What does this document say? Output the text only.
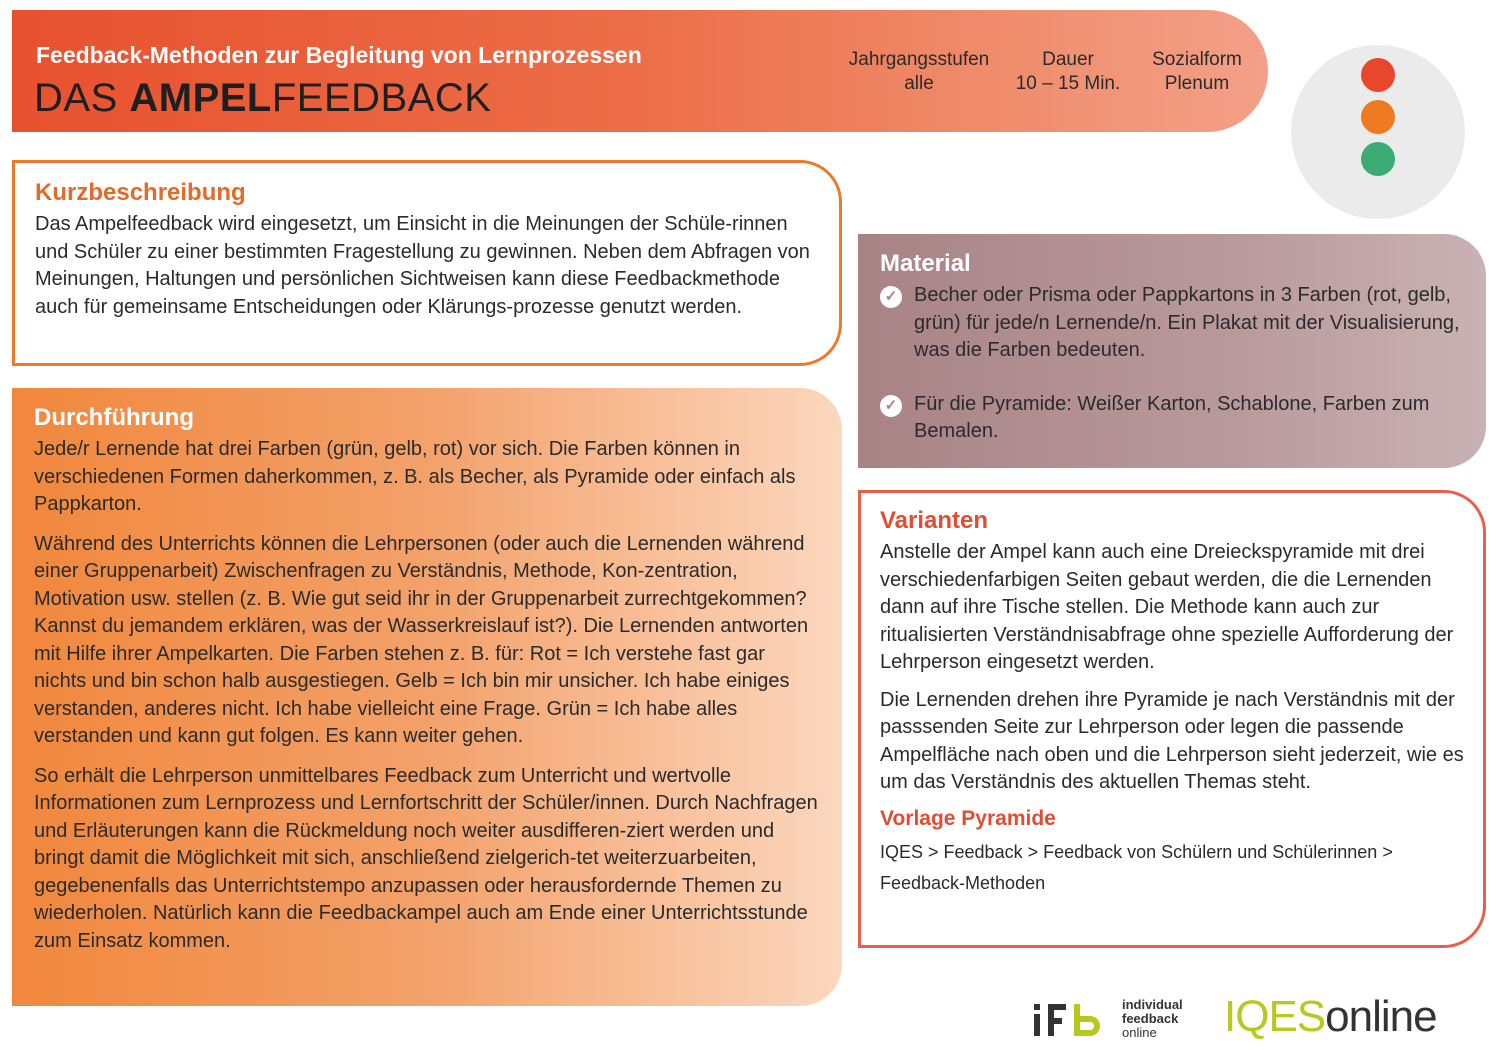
Feedback-Methoden zur Begleitung von Lernprozessen
DAS AMPELFEEDBACK
Jahrgangsstufen
alle
Dauer
10 – 15 Min.
Sozialform
Plenum
Kurzbeschreibung

Das Ampelfeedback wird eingesetzt, um Einsicht in die Meinungen der Schüle-rinnen und Schüler zu einer bestimmten Fragestellung zu gewinnen. Neben dem Abfragen von Meinungen, Haltungen und persönlichen Sichtweisen kann diese Feedbackmethode auch für gemeinsame Entscheidungen oder Klärungs-prozesse genutzt werden.

Durchführung

Jede/r Lernende hat drei Farben (grün, gelb, rot) vor sich. Die Farben können in verschiedenen Formen daherkommen, z. B. als Becher, als Pyramide oder einfach als Pappkarton.

Während des Unterrichts können die Lehrpersonen (oder auch die Lernenden während einer Gruppenarbeit) Zwischenfragen zu Verständnis, Methode, Kon-zentration, Motivation usw. stellen (z. B. Wie gut seid ihr in der Gruppenarbeit zurrechtgekommen? Kannst du jemandem erklären, was der Wasserkreislauf ist?). Die Lernenden antworten mit Hilfe ihrer Ampelkarten. Die Farben stehen z. B. für: Rot = Ich verstehe fast gar nichts und bin schon halb ausgestiegen. Gelb = Ich bin mir unsicher. Ich habe einiges verstanden, anderes nicht. Ich habe vielleicht eine Frage. Grün = Ich habe alles verstanden und kann gut folgen. Es kann weiter gehen.

So erhält die Lehrperson unmittelbares Feedback zum Unterricht und wertvolle Informationen zum Lernprozess und Lernfortschritt der Schüler/innen. Durch Nachfragen und Erläuterungen kann die Rückmeldung noch weiter ausdifferen-ziert werden und bringt damit die Möglichkeit mit sich, anschließend zielgerich-tet weiterzuarbeiten, gegebenenfalls das Unterrichtstempo anzupassen oder herausfordernde Themen zu wiederholen. Natürlich kann die Feedbackampel auch am Ende einer Unterrichtsstunde zum Einsatz kommen.

Material
✓ Becher oder Prisma oder Pappkartons in 3 Farben (rot, gelb, grün) für jede/n Lernende/n. Ein Plakat mit der Visualisierung, was die Farben bedeuten.
✓ Für die Pyramide: Weißer Karton, Schablone, Farben zum Bemalen.
Varianten

Anstelle der Ampel kann auch eine Dreieckspyramide mit drei verschiedenfarbigen Seiten gebaut werden, die die Lernenden dann auf ihre Tische stellen. Die Methode kann auch zur ritualisierten Verständnisabfrage ohne spezielle Aufforderung der Lehrperson eingesetzt werden.

Die Lernenden drehen ihre Pyramide je nach Verständnis mit der passsenden Seite zur Lehrperson oder legen die passende Ampelfläche nach oben und die Lehrperson sieht jederzeit, wie es um das Verständnis des aktuellen Themas steht.

Vorlage Pyramide
IQES > Feedback > Feedback von Schülern und Schülerinnen > Feedback-Methoden
individual
feedback
online	IQESonline
